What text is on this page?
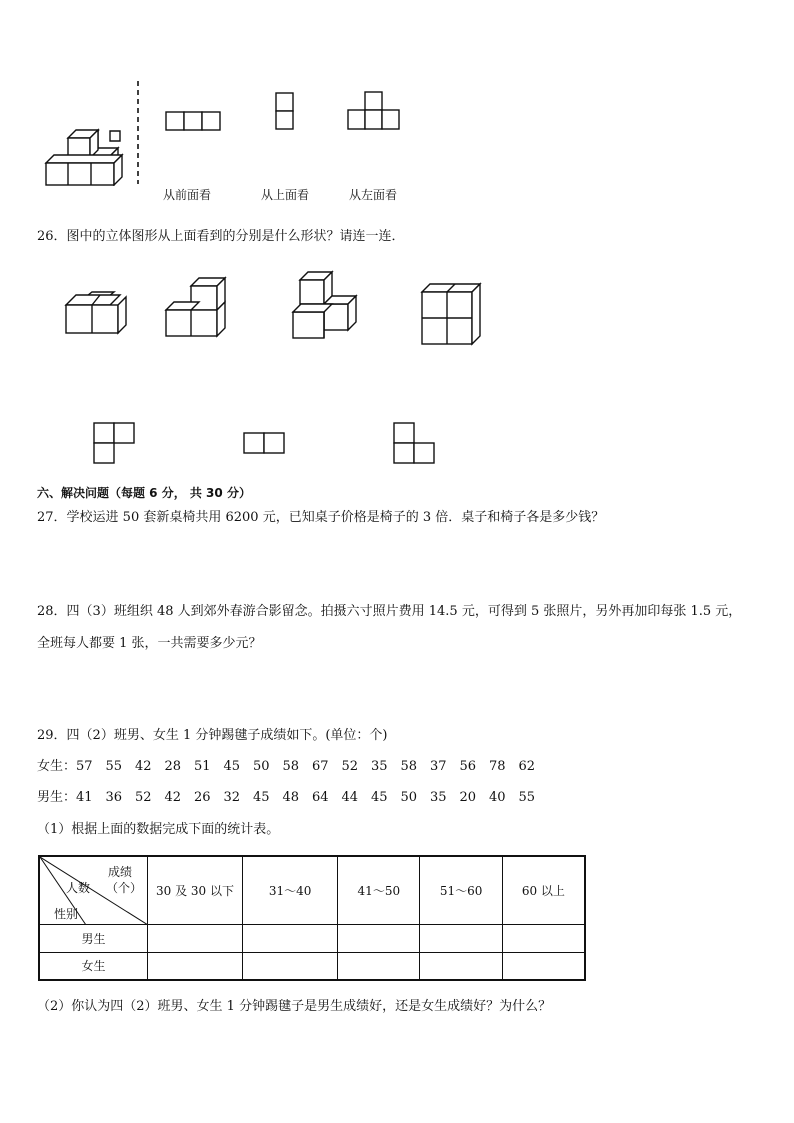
从前面看	从上面看	从左面看
26．图中的立体图形从上面看到的分别是什么形状？请连一连．
六、解决问题（每题 6 分， 共 30 分）
27．学校运进 50 套新桌椅共用 6200 元，已知桌子价格是椅子的 3 倍．桌子和椅子各是多少钱？
28．四（3）班组织 48 人到郊外春游合影留念。拍摄六寸照片费用 14.5 元，可得到 5 张照片，另外再加印每张 1.5 元，
全班每人都要 1 张，一共需要多少元？
29．四（2）班男、女生 1 分钟踢毽子成绩如下。(单位：个)
女生： 57 55 42 28 51 45 50 58 67 52 35 58 37 56 78 62
男生： 41 36 52 42 26 32 45 48 64 44 45 50 35 20 40 55
（1）根据上面的数据完成下面的统计表。
成绩
（个）
人数
性别	30 及 30 以下	31～40	41～50	51～60	60 以上
男生					
女生					
（2）你认为四（2）班男、女生 1 分钟踢毽子是男生成绩好，还是女生成绩好？为什么？
